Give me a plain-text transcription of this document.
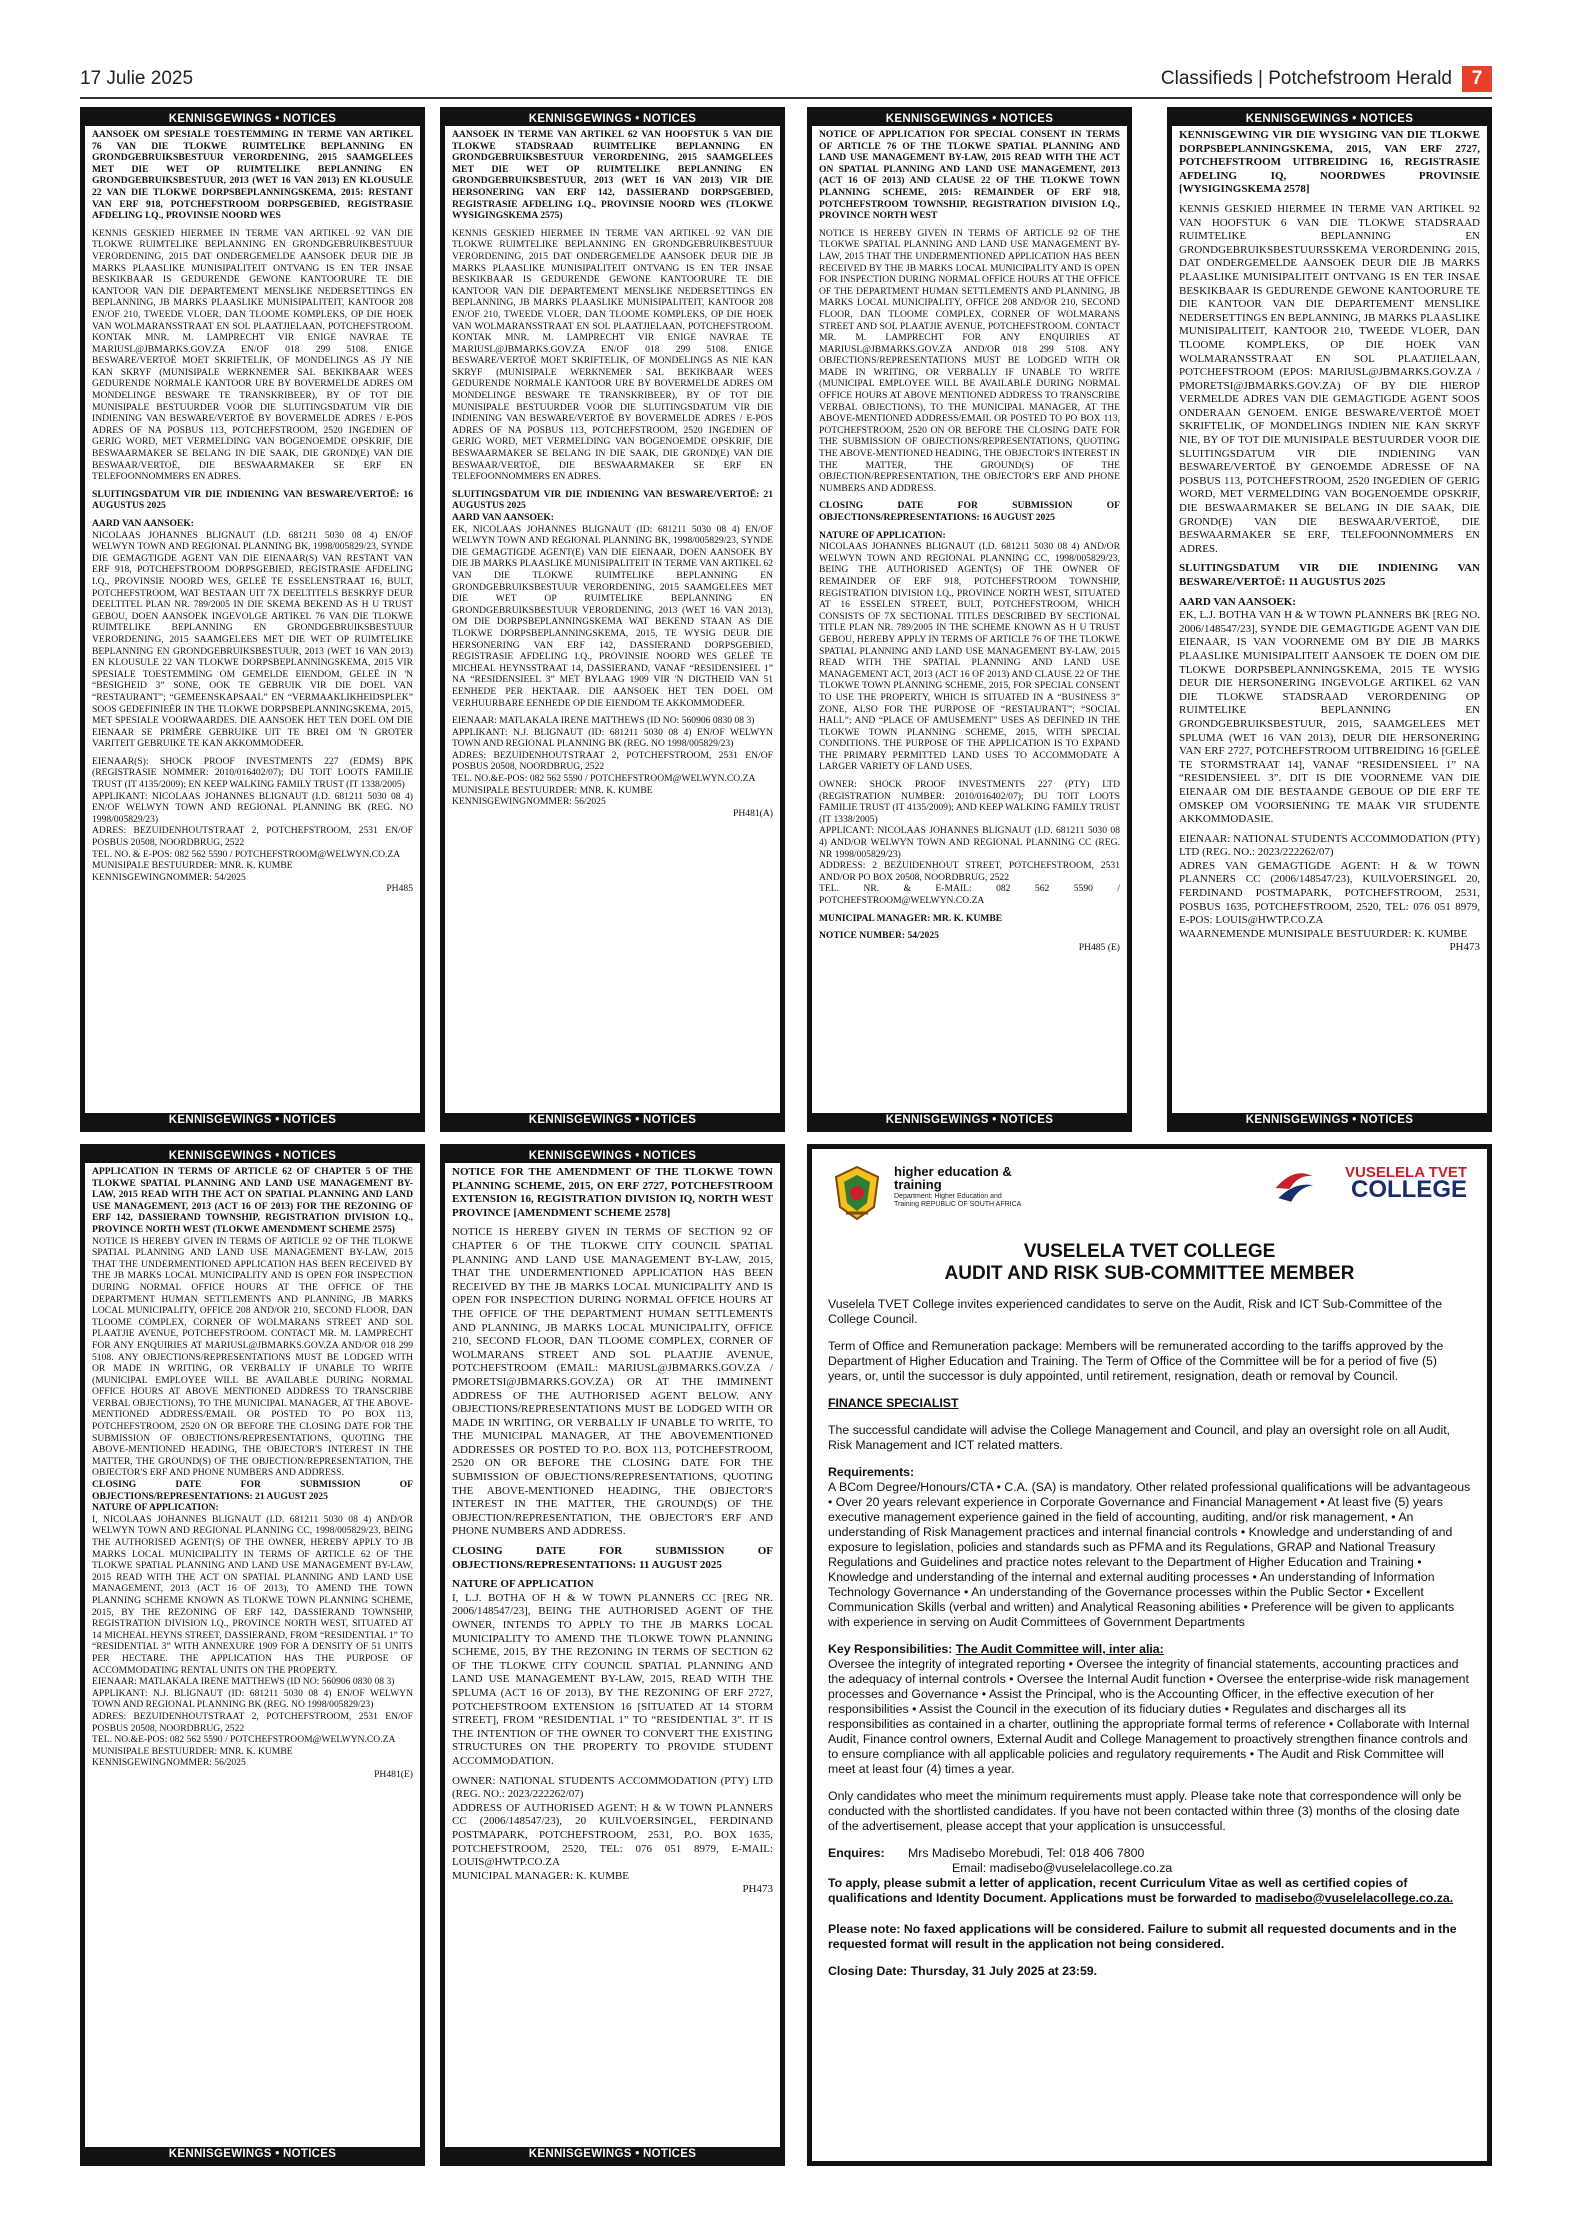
17 Julie 2025	Classifieds | Potchefstroom Herald	7
KENNISGEWINGS • NOTICES

AANSOEK OM SPESIALE TOESTEMMING IN TERME VAN ARTIKEL 76 VAN DIE TLOKWE RUIMTELIKE BEPLANNING EN GRONDGEBRUIKSBESTUUR VERORDENING, 2015 SAAMGELEES MET DIE WET OP RUIMTELIKE BEPLANNING EN GRONDGEBRUIKSBESTUUR, 2013 (WET 16 VAN 2013) EN KLOUSULE 22 VAN DIE TLOKWE DORPSBEPLANNINGSKEMA, 2015: RESTANT VAN ERF 918, POTCHEFSTROOM DORPSGEBIED, REGISTRASIE AFDELING I.Q., PROVINSIE NOORD WES

KENNIS GESKIED HIERMEE IN TERME VAN ARTIKEL 92 VAN DIE TLOKWE RUIMTELIKE BEPLANNING EN GRONDGEBRUIKBESTUUR VERORDENING, 2015 DAT ONDERGEMELDE AANSOEK DEUR DIE JB MARKS PLAASLIKE MUNISIPALITEIT ONTVANG IS EN TER INSAE BESKIKBAAR IS GEDURENDE GEWONE KANTOORURE TE DIE KANTOOR VAN DIE DEPARTEMENT MENSLIKE NEDERSETTINGS EN BEPLANNING, JB MARKS PLAASLIKE MUNISIPALITEIT, KANTOOR 208 EN/OF 210, TWEEDE VLOER, DAN TLOOME KOMPLEKS, OP DIE HOEK VAN WOLMARANSSTRAAT EN SOL PLAATJIELAAN, POTCHEFSTROOM. KONTAK MNR. M. LAMPRECHT VIR ENIGE NAVRAE TE MARIUSL@JBMARKS.GOV.ZA EN/OF 018 299 5108. ENIGE BESWARE/VERTOË MOET SKRIFTELIK, OF MONDELINGS AS JY NIE KAN SKRYF (MUNISIPALE WERKNEMER SAL BEKIKBAAR WEES GEDURENDE NORMALE KANTOOR URE BY BOVERMELDE ADRES OM MONDELINGE BESWARE TE TRANSKRIBEER), BY OF TOT DIE MUNISIPALE BESTUURDER VOOR DIE SLUITINGSDATUM VIR DIE INDIENING VAN BESWARE/VERTOË BY BOVERMELDE ADRES / E-POS ADRES OF NA POSBUS 113, POTCHEFSTROOM, 2520 INGEDIEN OF GERIG WORD, MET VERMELDING VAN BOGENOEMDE OPSKRIF, DIE BESWAARMAKER SE BELANG IN DIE SAAK, DIE GROND(E) VAN DIE BESWAAR/VERTOË, DIE BESWAARMAKER SE ERF EN TELEFOONNOMMERS EN ADRES.

SLUITINGSDATUM VIR DIE INDIENING VAN BESWARE/VERTOË: 16 AUGUSTUS 2025

AARD VAN AANSOEK:

NICOLAAS JOHANNES BLIGNAUT (I.D. 681211 5030 08 4) EN/OF WELWYN TOWN AND REGIONAL PLANNING BK, 1998/005829/23, SYNDE DIE GEMAGTIGDE AGENT VAN DIE EIENAAR(S) VAN RESTANT VAN ERF 918, POTCHEFSTROOM DORPSGEBIED, REGISTRASIE AFDELING I.Q., PROVINSIE NOORD WES, GELEË TE ESSELENSTRAAT 16, BULT, POTCHEFSTROOM, WAT BESTAAN UIT 7X DEELTITELS BESKRYF DEUR DEELTITEL PLAN NR. 789/2005 IN DIE SKEMA BEKEND AS H U TRUST GEBOU, DOEN AANSOEK INGEVOLGE ARTIKEL 76 VAN DIE TLOKWE RUIMTELIKE BEPLANNING EN GRONDGEBRUIKSBESTUUR VERORDENING, 2015 SAAMGELEES MET DIE WET OP RUIMTELIKE BEPLANNING EN GRONDGEBRUIKSBESTUUR, 2013 (WET 16 VAN 2013) EN KLOUSULE 22 VAN TLOKWE DORPSBEPLANNINGSKEMA, 2015 VIR SPESIALE TOESTEMMING OM GEMELDE EIENDOM, GELEË IN 'N “BESIGHEID 3” SONE, OOK TE GEBRUIK VIR DIE DOEL VAN “RESTAURANT”; “GEMEENSKAPSAAL” EN “VERMAAKLIKHEIDSPLEK” SOOS GEDEFINIEËR IN THE TLOKWE DORPSBEPLANNINGSKEMA, 2015, MET SPESIALE VOORWAARDES. DIE AANSOEK HET TEN DOEL OM DIE EIENAAR SE PRIMÊRE GEBRUIKE UIT TE BREI OM 'N GROTER VARITEIT GEBRUIKE TE KAN AKKOMMODEER.

EIENAAR(S): SHOCK PROOF INVESTMENTS 227 (EDMS) BPK (REGISTRASIE NOMMER: 2010/016402/07); DU TOIT LOOTS FAMILIE TRUST (IT 4135/2009); EN KEEP WALKING FAMILY TRUST (IT 1338/2005)

APPLIKANT: NICOLAAS JOHANNES BLIGNAUT (I.D. 681211 5030 08 4) EN/OF WELWYN TOWN AND REGIONAL PLANNING BK (REG. NO 1998/005829/23)

ADRES: BEZUIDENHOUTSTRAAT 2, POTCHEFSTROOM, 2531 EN/OF POSBUS 20508, NOORDBRUG, 2522

TEL. NO. & E-POS: 082 562 5590 / POTCHEFSTROOM@WELWYN.CO.ZA

MUNISIPALE BESTUURDER: MNR. K. KUMBE

KENNISGEWINGNOMMER: 54/2025

PH485

KENNISGEWINGS • NOTICES
KENNISGEWINGS • NOTICES

AANSOEK IN TERME VAN ARTIKEL 62 VAN HOOFSTUK 5 VAN DIE TLOKWE STADSRAAD RUIMTELIKE BEPLANNING EN GRONDGEBRUIKSBESTUUR VERORDENING, 2015 SAAMGELEES MET DIE WET OP RUIMTELIKE BEPLANNING EN GRONDGEBRUIKSBESTUUR, 2013 (WET 16 VAN 2013) VIR DIE HERSONERING VAN ERF 142, DASSIERAND DORPSGEBIED, REGISTRASIE AFDELING I.Q., PROVINSIE NOORD WES (TLOKWE WYSIGINGSKEMA 2575)

KENNIS GESKIED HIERMEE IN TERME VAN ARTIKEL 92 VAN DIE TLOKWE RUIMTELIKE BEPLANNING EN GRONDGEBRUIKBESTUUR VERORDENING, 2015 DAT ONDERGEMELDE AANSOEK DEUR DIE JB MARKS PLAASLIKE MUNISIPALITEIT ONTVANG IS EN TER INSAE BESKIKBAAR IS GEDURENDE GEWONE KANTOORURE TE DIE KANTOOR VAN DIE DEPARTEMENT MENSLIKE NEDERSETTINGS EN BEPLANNING, JB MARKS PLAASLIKE MUNISIPALITEIT, KANTOOR 208 EN/OF 210, TWEEDE VLOER, DAN TLOOME KOMPLEKS, OP DIE HOEK VAN WOLMARANSSTRAAT EN SOL PLAATJIELAAN, POTCHEFSTROOM. KONTAK MNR. M. LAMPRECHT VIR ENIGE NAVRAE TE MARIUSL@JBMARKS.GOV.ZA EN/OF 018 299 5108. ENIGE BESWARE/VERTOË MOET SKRIFTELIK, OF MONDELINGS AS NIE KAN SKRYF (MUNISIPALE WERKNEMER SAL BEKIKBAAR WEES GEDURENDE NORMALE KANTOOR URE BY BOVERMELDE ADRES OM MONDELINGE BESWARE TE TRANSKRIBEER), BY OF TOT DIE MUNISIPALE BESTUURDER VOOR DIE SLUITINGSDATUM VIR DIE INDIENING VAN BESWARE/VERTOË BY BOVERMELDE ADRES / E-POS ADRES OF NA POSBUS 113, POTCHEFSTROOM, 2520 INGEDIEN OF GERIG WORD, MET VERMELDING VAN BOGENOEMDE OPSKRIF, DIE BESWAARMAKER SE BELANG IN DIE SAAK, DIE GROND(E) VAN DIE BESWAAR/VERTOË, DIE BESWAARMAKER SE ERF EN TELEFOONNOMMERS EN ADRES.

SLUITINGSDATUM VIR DIE INDIENING VAN BESWARE/VERTOË: 21 AUGUSTUS 2025

AARD VAN AANSOEK:

EK, NICOLAAS JOHANNES BLIGNAUT (ID: 681211 5030 08 4) EN/OF WELWYN TOWN AND REGIONAL PLANNING BK, 1998/005829/23, SYNDE DIE GEMAGTIGDE AGENT(E) VAN DIE EIENAAR, DOEN AANSOEK BY DIE JB MARKS PLAASLIKE MUNISIPALITEIT IN TERME VAN ARTIKEL 62 VAN DIE TLOKWE RUIMTELIKE BEPLANNING EN GRONDGEBRUIKSBESTUUR VERORDENING, 2015 SAAMGELEES MET DIE WET OP RUIMTELIKE BEPLANNING EN GRONDGEBRUIKSBESTUUR VERORDENING, 2013 (WET 16 VAN 2013), OM DIE DORPSBEPLANNINGSKEMA WAT BEKEND STAAN AS DIE TLOKWE DORPSBEPLANNINGSKEMA, 2015, TE WYSIG DEUR DIE HERSONERING VAN ERF 142, DASSIERAND DORPSGEBIED, REGISTRASIE AFDELING I.Q., PROVINSIE NOORD WES GELEË TE MICHEAL HEYNSSTRAAT 14, DASSIERAND, VANAF “RESIDENSIEEL 1” NA “RESIDENSIEEL 3” MET BYLAAG 1909 VIR 'N DIGTHEID VAN 51 EENHEDE PER HEKTAAR. DIE AANSOEK HET TEN DOEL OM VERHUURBARE EENHEDE OP DIE EIENDOM TE AKKOMMODEER.

EIENAAR: MATLAKALA IRENE MATTHEWS (ID NO: 560906 0830 08 3)

APPLIKANT: N.J. BLIGNAUT (ID: 681211 5030 08 4) EN/OF WELWYN TOWN AND REGIONAL PLANNING BK (REG. NO 1998/005829/23)

ADRES: BEZUIDENHOUTSTRAAT 2, POTCHEFSTROOM, 2531 EN/OF POSBUS 20508, NOORDBRUG, 2522

TEL. NO.&E-POS: 082 562 5590 / POTCHEFSTROOM@WELWYN.CO.ZA

MUNISIPALE BESTUURDER: MNR. K. KUMBE

KENNISGEWINGNOMMER: 56/2025

PH481(A)

KENNISGEWINGS • NOTICES
KENNISGEWINGS • NOTICES

NOTICE OF APPLICATION FOR SPECIAL CONSENT IN TERMS OF ARTICLE 76 OF THE TLOKWE SPATIAL PLANNING AND LAND USE MANAGEMENT BY-LAW, 2015 READ WITH THE ACT ON SPATIAL PLANNING AND LAND USE MANAGEMENT, 2013 (ACT 16 OF 2013) AND CLAUSE 22 OF THE TLOKWE TOWN PLANNING SCHEME, 2015: REMAINDER OF ERF 918, POTCHEFSTROOM TOWNSHIP, REGISTRATION DIVISION I.Q., PROVINCE NORTH WEST

NOTICE IS HEREBY GIVEN IN TERMS OF ARTICLE 92 OF THE TLOKWE SPATIAL PLANNING AND LAND USE MANAGEMENT BY-LAW, 2015 THAT THE UNDERMENTIONED APPLICATION HAS BEEN RECEIVED BY THE JB MARKS LOCAL MUNICIPALITY AND IS OPEN FOR INSPECTION DURING NORMAL OFFICE HOURS AT THE OFFICE OF THE DEPARTMENT HUMAN SETTLEMENTS AND PLANNING, JB MARKS LOCAL MUNICIPALITY, OFFICE 208 AND/OR 210, SECOND FLOOR, DAN TLOOME COMPLEX, CORNER OF WOLMARANS STREET AND SOL PLAATJIE AVENUE, POTCHEFSTROOM. CONTACT MR. M. LAMPRECHT FOR ANY ENQUIRIES AT MARIUSL@JBMARKS.GOV.ZA AND/OR 018 299 5108. ANY OBJECTIONS/REPRESENTATIONS MUST BE LODGED WITH OR MADE IN WRITING, OR VERBALLY IF UNABLE TO WRITE (MUNICIPAL EMPLOYEE WILL BE AVAILABLE DURING NORMAL OFFICE HOURS AT ABOVE MENTIONED ADDRESS TO TRANSCRIBE VERBAL OBJECTIONS), TO THE MUNICIPAL MANAGER, AT THE ABOVE-MENTIONED ADDRESS/EMAIL OR POSTED TO PO BOX 113, POTCHEFSTROOM, 2520 ON OR BEFORE THE CLOSING DATE FOR THE SUBMISSION OF OBJECTIONS/REPRESENTATIONS, QUOTING THE ABOVE-MENTIONED HEADING, THE OBJECTOR'S INTEREST IN THE MATTER, THE GROUND(S) OF THE OBJECTION/REPRESENTATION, THE OBJECTOR'S ERF AND PHONE NUMBERS AND ADDRESS.

CLOSING DATE FOR SUBMISSION OF OBJECTIONS/REPRESENTATIONS: 16 AUGUST 2025

NATURE OF APPLICATION:

NICOLAAS JOHANNES BLIGNAUT (I.D. 681211 5030 08 4) AND/OR WELWYN TOWN AND REGIONAL PLANNING CC, 1998/005829/23, BEING THE AUTHORISED AGENT(S) OF THE OWNER OF REMAINDER OF ERF 918, POTCHEFSTROOM TOWNSHIP, REGISTRATION DIVISION I.Q., PROVINCE NORTH WEST, SITUATED AT 16 ESSELEN STREET, BULT, POTCHEFSTROOM, WHICH CONSISTS OF 7X SECTIONAL TITLES DESCRIBED BY SECTIONAL TITLE PLAN NR. 789/2005 IN THE SCHEME KNOWN AS H U TRUST GEBOU, HEREBY APPLY IN TERMS OF ARTICLE 76 OF THE TLOKWE SPATIAL PLANNING AND LAND USE MANAGEMENT BY-LAW, 2015 READ WITH THE SPATIAL PLANNING AND LAND USE MANAGEMENT ACT, 2013 (ACT 16 OF 2013) AND CLAUSE 22 OF THE TLOKWE TOWN PLANNING SCHEME, 2015, FOR SPECIAL CONSENT TO USE THE PROPERTY, WHICH IS SITUATED IN A “BUSINESS 3” ZONE, ALSO FOR THE PURPOSE OF “RESTAURANT”; “SOCIAL HALL”; AND “PLACE OF AMUSEMENT” USES AS DEFINED IN THE TLOKWE TOWN PLANNING SCHEME, 2015, WITH SPECIAL CONDITIONS. THE PURPOSE OF THE APPLICATION IS TO EXPAND THE PRIMARY PERMITTED LAND USES TO ACCOMMODATE A LARGER VARIETY OF LAND USES.

OWNER: SHOCK PROOF INVESTMENTS 227 (PTY) LTD (REGISTRATION NUMBER: 2010/016402/07); DU TOIT LOOTS FAMILIE TRUST (IT 4135/2009); AND KEEP WALKING FAMILY TRUST (IT 1338/2005)

APPLICANT: NICOLAAS JOHANNES BLIGNAUT (I.D. 681211 5030 08 4) AND/OR WELWYN TOWN AND REGIONAL PLANNING CC (REG. NR 1998/005829/23)

ADDRESS: 2 BEZUIDENHOUT STREET, POTCHEFSTROOM, 2531 AND/OR PO BOX 20508, NOORDBRUG, 2522

TEL. NR. & E-MAIL: 082 562 5590 / POTCHEFSTROOM@WELWYN.CO.ZA

MUNICIPAL MANAGER: MR. K. KUMBE

NOTICE NUMBER: 54/2025

PH485 (E)

KENNISGEWINGS • NOTICES
KENNISGEWINGS • NOTICES

KENNISGEWING VIR DIE WYSIGING VAN DIE TLOKWE DORPSBEPLANNINGSKEMA, 2015, VAN ERF 2727, POTCHEFSTROOM UITBREIDING 16, REGISTRASIE AFDELING IQ, NOORDWES PROVINSIE [WYSIGINGSKEMA 2578]

KENNIS GESKIED HIERMEE IN TERME VAN ARTIKEL 92 VAN HOOFSTUK 6 VAN DIE TLOKWE STADSRAAD RUIMTELIKE BEPLANNING EN GRONDGEBRUIKSBESTUURSSKEMA VERORDENING 2015, DAT ONDERGEMELDE AANSOEK DEUR DIE JB MARKS PLAASLIKE MUNISIPALITEIT ONTVANG IS EN TER INSAE BESKIKBAAR IS GEDURENDE GEWONE KANTOORURE TE DIE KANTOOR VAN DIE DEPARTEMENT MENSLIKE NEDERSETTINGS EN BEPLANNING, JB MARKS PLAASLIKE MUNISIPALITEIT, KANTOOR 210, TWEEDE VLOER, DAN TLOOME KOMPLEKS, OP DIE HOEK VAN WOLMARANSSTRAAT EN SOL PLAATJIELAAN, POTCHEFSTROOM (EPOS: MARIUSL@JBMARKS.GOV.ZA / PMORETSI@JBMARKS.GOV.ZA) OF BY DIE HIEROP VERMELDE ADRES VAN DIE GEMAGTIGDE AGENT SOOS ONDERAAN GENOEM. ENIGE BESWARE/VERTOË MOET SKRIFTELIK, OF MONDELINGS INDIEN NIE KAN SKRYF NIE, BY OF TOT DIE MUNISIPALE BESTUURDER VOOR DIE SLUITINGSDATUM VIR DIE INDIENING VAN BESWARE/VERTOË BY GENOEMDE ADRESSE OF NA POSBUS 113, POTCHEFSTROOM, 2520 INGEDIEN OF GERIG WORD, MET VERMELDING VAN BOGENOEMDE OPSKRIF, DIE BESWAARMAKER SE BELANG IN DIE SAAK, DIE GROND(E) VAN DIE BESWAAR/VERTOË, DIE BESWAARMAKER SE ERF, TELEFOONNOMMERS EN ADRES.

SLUITINGSDATUM VIR DIE INDIENING VAN BESWARE/VERTOË: 11 AUGUSTUS 2025

AARD VAN AANSOEK:

EK, L.J. BOTHA VAN H & W TOWN PLANNERS BK [REG NO. 2006/148547/23], SYNDE DIE GEMAGTIGDE AGENT VAN DIE EIENAAR, IS VAN VOORNEME OM BY DIE JB MARKS PLAASLIKE MUNISIPALITEIT AANSOEK TE DOEN OM DIE TLOKWE DORPSBEPLANNINGSKEMA, 2015 TE WYSIG DEUR DIE HERSONERING INGEVOLGE ARTIKEL 62 VAN DIE TLOKWE STADSRAAD VERORDENING OP RUIMTELIKE BEPLANNING EN GRONDGEBRUIKSBESTUUR, 2015, SAAMGELEES MET SPLUMA (WET 16 VAN 2013), DEUR DIE HERSONERING VAN ERF 2727, POTCHEFSTROOM UITBREIDING 16 [GELEË TE STORMSTRAAT 14], VANAF “RESIDENSIEEL 1” NA “RESIDENSIEEL 3”. DIT IS DIE VOORNEME VAN DIE EIENAAR OM DIE BESTAANDE GEBOUE OP DIE ERF TE OMSKEP OM VOORSIENING TE MAAK VIR STUDENTE AKKOMMODASIE.

EIENAAR: NATIONAL STUDENTS ACCOMMODATION (PTY) LTD (REG. NO.: 2023/222262/07)

ADRES VAN GEMAGTIGDE AGENT: H & W TOWN PLANNERS CC (2006/148547/23), KUILVOERSINGEL 20, FERDINAND POSTMAPARK, POTCHEFSTROOM, 2531, POSBUS 1635, POTCHEFSTROOM, 2520, TEL: 076 051 8979, E-POS: LOUIS@HWTP.CO.ZA

WAARNEMENDE MUNISIPALE BESTUURDER: K. KUMBE

PH473

KENNISGEWINGS • NOTICES
KENNISGEWINGS • NOTICES

APPLICATION IN TERMS OF ARTICLE 62 OF CHAPTER 5 OF THE TLOKWE SPATIAL PLANNING AND LAND USE MANAGEMENT BY-LAW, 2015 READ WITH THE ACT ON SPATIAL PLANNING AND LAND USE MANAGEMENT, 2013 (ACT 16 OF 2013) FOR THE REZONING OF ERF 142, DASSIERAND TOWNSHIP, REGISTRATION DIVISION I.Q., PROVINCE NORTH WEST (TLOKWE AMENDMENT SCHEME 2575)

NOTICE IS HEREBY GIVEN IN TERMS OF ARTICLE 92 OF THE TLOKWE SPATIAL PLANNING AND LAND USE MANAGEMENT BY-LAW, 2015 THAT THE UNDERMENTIONED APPLICATION HAS BEEN RECEIVED BY THE JB MARKS LOCAL MUNICIPALITY AND IS OPEN FOR INSPECTION DURING NORMAL OFFICE HOURS AT THE OFFICE OF THE DEPARTMENT HUMAN SETTLEMENTS AND PLANNING, JB MARKS LOCAL MUNICIPALITY, OFFICE 208 AND/OR 210, SECOND FLOOR, DAN TLOOME COMPLEX, CORNER OF WOLMARANS STREET AND SOL PLAATJIE AVENUE, POTCHEFSTROOM. CONTACT MR. M. LAMPRECHT FOR ANY ENQUIRIES AT MARIUSL@JBMARKS.GOV.ZA AND/OR 018 299 5108. ANY OBJECTIONS/REPRESENTATIONS MUST BE LODGED WITH OR MADE IN WRITING, OR VERBALLY IF UNABLE TO WRITE (MUNICIPAL EMPLOYEE WILL BE AVAILABLE DURING NORMAL OFFICE HOURS AT ABOVE MENTIONED ADDRESS TO TRANSCRIBE VERBAL OBJECTIONS), TO THE MUNICIPAL MANAGER, AT THE ABOVE-MENTIONED ADDRESS/EMAIL OR POSTED TO PO BOX 113, POTCHEFSTROOM, 2520 ON OR BEFORE THE CLOSING DATE FOR THE SUBMISSION OF OBJECTIONS/REPRESENTATIONS, QUOTING THE ABOVE-MENTIONED HEADING, THE OBJECTOR'S INTEREST IN THE MATTER, THE GROUND(S) OF THE OBJECTION/REPRESENTATION, THE OBJECTOR'S ERF AND PHONE NUMBERS AND ADDRESS.

CLOSING DATE FOR SUBMISSION OF OBJECTIONS/REPRESENTATIONS: 21 AUGUST 2025

NATURE OF APPLICATION:

I, NICOLAAS JOHANNES BLIGNAUT (I.D. 681211 5030 08 4) AND/OR WELWYN TOWN AND REGIONAL PLANNING CC, 1998/005829/23, BEING THE AUTHORISED AGENT(S) OF THE OWNER, HEREBY APPLY TO JB MARKS LOCAL MUNICIPALITY IN TERMS OF ARTICLE 62 OF THE TLOKWE SPATIAL PLANNING AND LAND USE MANAGEMENT BY-LAW, 2015 READ WITH THE ACT ON SPATIAL PLANNING AND LAND USE MANAGEMENT, 2013 (ACT 16 OF 2013), TO AMEND THE TOWN PLANNING SCHEME KNOWN AS TLOKWE TOWN PLANNING SCHEME, 2015, BY THE REZONING OF ERF 142, DASSIERAND TOWNSHIP, REGISTRATION DIVISION I.Q., PROVINCE NORTH WEST, SITUATED AT 14 MICHEAL HEYNS STREET, DASSIERAND, FROM “RESIDENTIAL 1” TO “RESIDENTIAL 3” WITH ANNEXURE 1909 FOR A DENSITY OF 51 UNITS PER HECTARE. THE APPLICATION HAS THE PURPOSE OF ACCOMMODATING RENTAL UNITS ON THE PROPERTY.

EIENAAR: MATLAKALA IRENE MATTHEWS (ID NO: 560906 0830 08 3)

APPLIKANT: N.J. BLIGNAUT (ID: 681211 5030 08 4) EN/OF WELWYN TOWN AND REGIONAL PLANNING BK (REG. NO 1998/005829/23)

ADRES: BEZUIDENHOUTSTRAAT 2, POTCHEFSTROOM, 2531 EN/OF POSBUS 20508, NOORDBRUG, 2522

TEL. NO.&E-POS: 082 562 5590 / POTCHEFSTROOM@WELWYN.CO.ZA

MUNISIPALE BESTUURDER: MNR. K. KUMBE

KENNISGEWINGNOMMER: 56/2025

PH481(E)

KENNISGEWINGS • NOTICES
KENNISGEWINGS • NOTICES

NOTICE FOR THE AMENDMENT OF THE TLOKWE TOWN PLANNING SCHEME, 2015, ON ERF 2727, POTCHEFSTROOM EXTENSION 16, REGISTRATION DIVISION IQ, NORTH WEST PROVINCE [AMENDMENT SCHEME 2578]

NOTICE IS HEREBY GIVEN IN TERMS OF SECTION 92 OF CHAPTER 6 OF THE TLOKWE CITY COUNCIL SPATIAL PLANNING AND LAND USE MANAGEMENT BY-LAW, 2015, THAT THE UNDERMENTIONED APPLICATION HAS BEEN RECEIVED BY THE JB MARKS LOCAL MUNICIPALITY AND IS OPEN FOR INSPECTION DURING NORMAL OFFICE HOURS AT THE OFFICE OF THE DEPARTMENT HUMAN SETTLEMENTS AND PLANNING, JB MARKS LOCAL MUNICIPALITY, OFFICE 210, SECOND FLOOR, DAN TLOOME COMPLEX, CORNER OF WOLMARANS STREET AND SOL PLAATJIE AVENUE, POTCHEFSTROOM (EMAIL: MARIUSL@JBMARKS.GOV.ZA / PMORETSI@JBMARKS.GOV.ZA) OR AT THE IMMINENT ADDRESS OF THE AUTHORISED AGENT BELOW. ANY OBJECTIONS/REPRESENTATIONS MUST BE LODGED WITH OR MADE IN WRITING, OR VERBALLY IF UNABLE TO WRITE, TO THE MUNICIPAL MANAGER, AT THE ABOVEMENTIONED ADDRESSES OR POSTED TO P.O. BOX 113, POTCHEFSTROOM, 2520 ON OR BEFORE THE CLOSING DATE FOR THE SUBMISSION OF OBJECTIONS/REPRESENTATIONS, QUOTING THE ABOVE-MENTIONED HEADING, THE OBJECTOR'S INTEREST IN THE MATTER, THE GROUND(S) OF THE OBJECTION/REPRESENTATION, THE OBJECTOR'S ERF AND PHONE NUMBERS AND ADDRESS.

CLOSING DATE FOR SUBMISSION OF OBJECTIONS/REPRESENTATIONS: 11 AUGUST 2025

NATURE OF APPLICATION

I, L.J. BOTHA OF H & W TOWN PLANNERS CC [REG NR. 2006/148547/23], BEING THE AUTHORISED AGENT OF THE OWNER, INTENDS TO APPLY TO THE JB MARKS LOCAL MUNICIPALITY TO AMEND THE TLOKWE TOWN PLANNING SCHEME, 2015, BY THE REZONING IN TERMS OF SECTION 62 OF THE TLOKWE CITY COUNCIL SPATIAL PLANNING AND LAND USE MANAGEMENT BY-LAW, 2015, READ WITH THE SPLUMA (ACT 16 OF 2013), BY THE REZONING OF ERF 2727, POTCHEFSTROOM EXTENSION 16 [SITUATED AT 14 STORM STREET], FROM “RESIDENTIAL 1” TO “RESIDENTIAL 3”. IT IS THE INTENTION OF THE OWNER TO CONVERT THE EXISTING STRUCTURES ON THE PROPERTY TO PROVIDE STUDENT ACCOMMODATION.

OWNER: NATIONAL STUDENTS ACCOMMODATION (PTY) LTD (REG. NO.: 2023/222262/07)

ADDRESS OF AUTHORISED AGENT: H & W TOWN PLANNERS CC (2006/148547/23), 20 KUILVOERSINGEL, FERDINAND POSTMAPARK, POTCHEFSTROOM, 2531, P.O. BOX 1635, POTCHEFSTROOM, 2520, TEL: 076 051 8979, E-MAIL: LOUIS@HWTP.CO.ZA

MUNICIPAL MANAGER: K. KUMBE

PH473

KENNISGEWINGS • NOTICES
higher education & training
Department: Higher Education and Training REPUBLIC OF SOUTH AFRICA
VUSELELA TVET
COLLEGE
VUSELELA TVET COLLEGE
AUDIT AND RISK SUB-COMMITTEE MEMBER

Vuselela TVET College invites experienced candidates to serve on the Audit, Risk and ICT Sub-Committee of the College Council.

Term of Office and Remuneration package: Members will be remunerated according to the tariffs approved by the Department of Higher Education and Training. The Term of Office of the Committee will be for a period of five (5) years, or, until the successor is duly appointed, until retirement, resignation, death or removal by Council.

FINANCE SPECIALIST

The successful candidate will advise the College Management and Council, and play an oversight role on all Audit, Risk Management and ICT related matters.

Requirements:

A BCom Degree/Honours/CTA • C.A. (SA) is mandatory. Other related professional qualifications will be advantageous • Over 20 years relevant experience in Corporate Governance and Financial Management • At least five (5) years executive management experience gained in the field of accounting, auditing, and/or risk management, • An understanding of Risk Management practices and internal financial controls • Knowledge and understanding of and exposure to legislation, policies and standards such as PFMA and its Regulations, GRAP and National Treasury Regulations and Guidelines and practice notes relevant to the Department of Higher Education and Training • Knowledge and understanding of the internal and external auditing processes • An understanding of Information Technology Governance • An understanding of the Governance processes within the Public Sector • Excellent Communication Skills (verbal and written) and Analytical Reasoning abilities • Preference will be given to applicants with experience in serving on Audit Committees of Government Departments

Key Responsibilities: The Audit Committee will, inter alia:

Oversee the integrity of integrated reporting • Oversee the integrity of financial statements, accounting practices and the adequacy of internal controls • Oversee the Internal Audit function • Oversee the enterprise-wide risk management processes and Governance • Assist the Principal, who is the Accounting Officer, in the effective execution of her responsibilities • Assist the Council in the execution of its fiduciary duties • Regulates and discharges all its responsibilities as contained in a charter, outlining the appropriate formal terms of reference • Collaborate with Internal Audit, Finance control owners, External Audit and College Management to proactively strengthen finance controls and to ensure compliance with all applicable policies and regulatory requirements • The Audit and Risk Committee will meet at least four (4) times a year.

Only candidates who meet the minimum requirements must apply. Please take note that correspondence will only be conducted with the shortlisted candidates. If you have not been contacted within three (3) months of the closing date of the advertisement, please accept that your application is unsuccessful.

Enquires: Mrs Madisebo Morebudi, Tel: 018 406 7800
Email: madisebo@vuselelacollege.co.za

To apply, please submit a letter of application, recent Curriculum Vitae as well as certified copies of qualifications and Identity Document. Applications must be forwarded to madisebo@vuselelacollege.co.za.

Please note: No faxed applications will be considered. Failure to submit all requested documents and in the requested format will result in the application not being considered.

Closing Date: Thursday, 31 July 2025 at 23:59.
